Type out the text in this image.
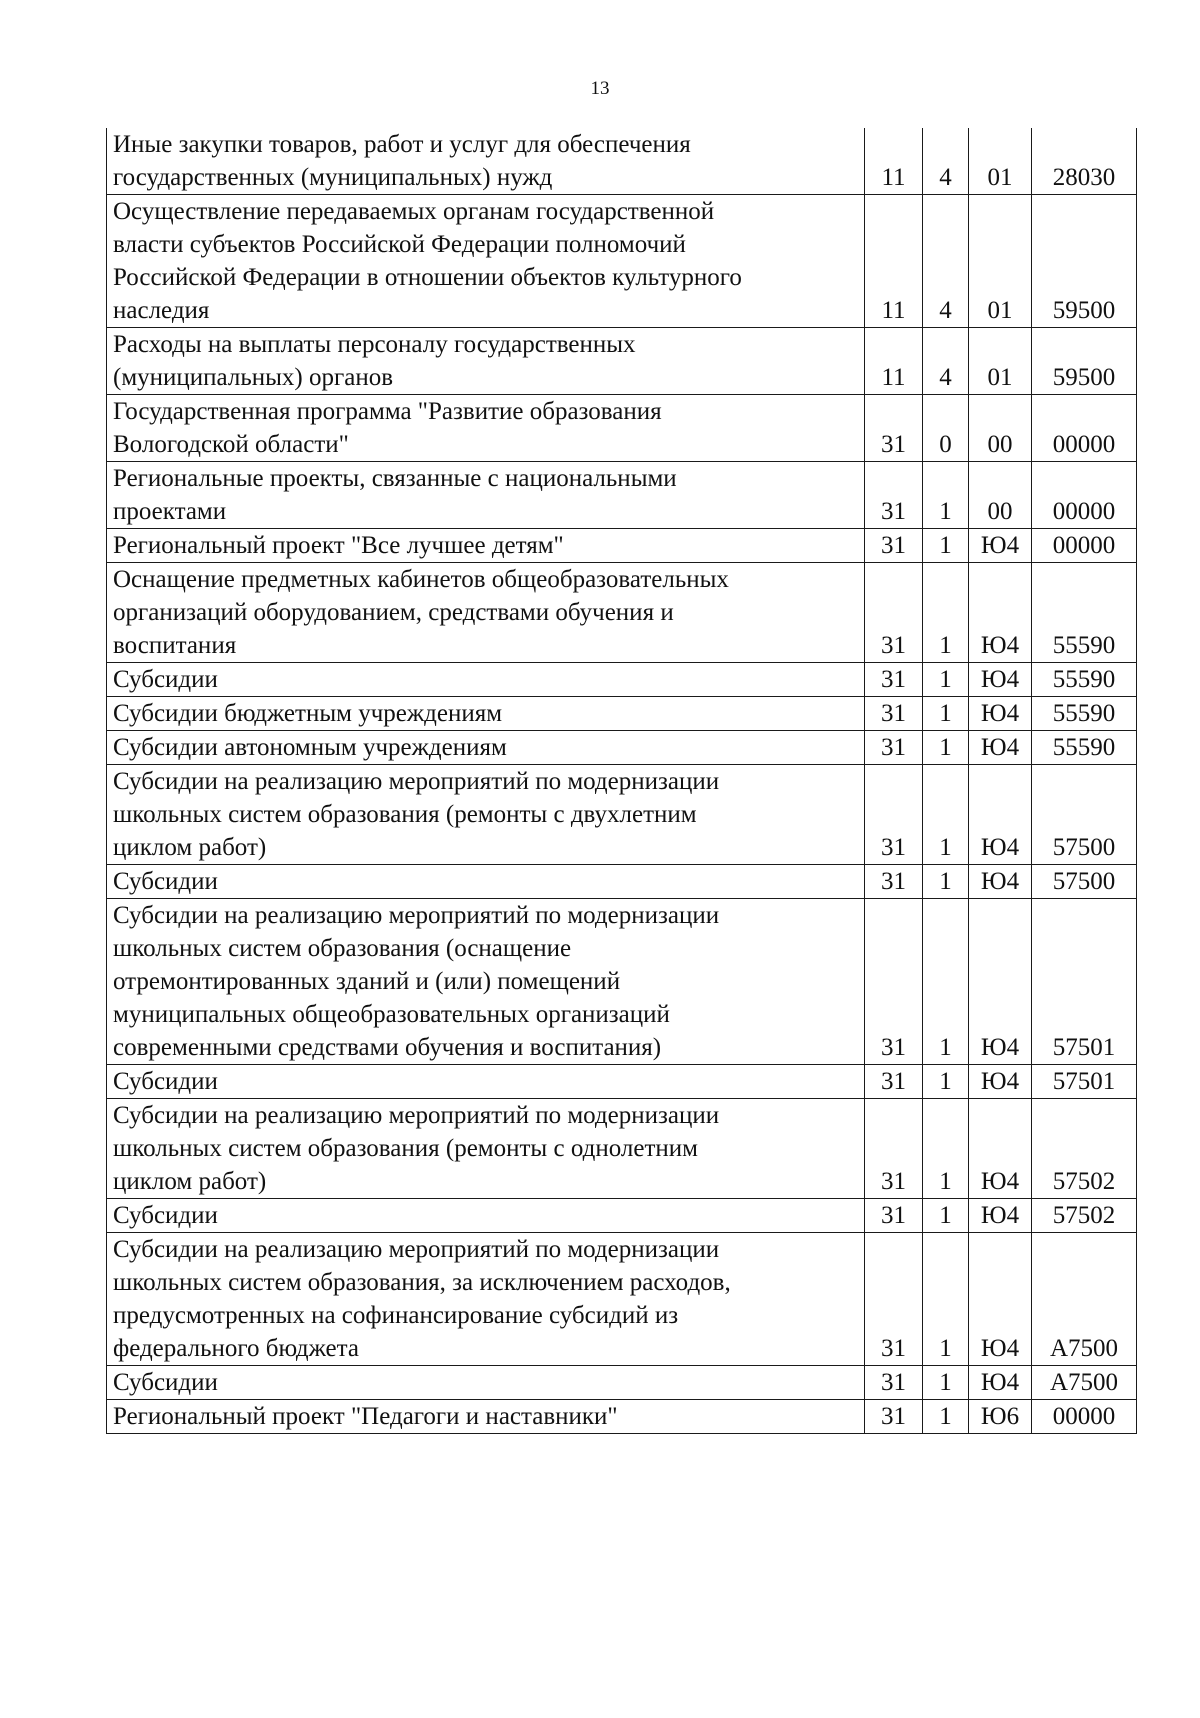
13
Иные закупки товаров, работ и услуг для обеспечения
государственных (муниципальных) нужд	11	4	01	28030
Осуществление передаваемых органам государственной
власти субъектов Российской Федерации полномочий
Российской Федерации в отношении объектов культурного
наследия	11	4	01	59500
Расходы на выплаты персоналу государственных
(муниципальных) органов	11	4	01	59500
Государственная программа "Развитие образования
Вологодской области"	31	0	00	00000
Региональные проекты, связанные с национальными
проектами	31	1	00	00000
Региональный проект "Все лучшее детям"	31	1	Ю4	00000
Оснащение предметных кабинетов общеобразовательных
организаций оборудованием, средствами обучения и
воспитания	31	1	Ю4	55590
Субсидии	31	1	Ю4	55590
Субсидии бюджетным учреждениям	31	1	Ю4	55590
Субсидии автономным учреждениям	31	1	Ю4	55590
Субсидии на реализацию мероприятий по модернизации
школьных систем образования (ремонты с двухлетним
циклом работ)	31	1	Ю4	57500
Субсидии	31	1	Ю4	57500
Субсидии на реализацию мероприятий по модернизации
школьных систем образования (оснащение
отремонтированных зданий и (или) помещений
муниципальных общеобразовательных организаций
современными средствами обучения и воспитания)	31	1	Ю4	57501
Субсидии	31	1	Ю4	57501
Субсидии на реализацию мероприятий по модернизации
школьных систем образования (ремонты с однолетним
циклом работ)	31	1	Ю4	57502
Субсидии	31	1	Ю4	57502
Субсидии на реализацию мероприятий по модернизации
школьных систем образования, за исключением расходов,
предусмотренных на софинансирование субсидий из
федерального бюджета	31	1	Ю4	A7500
Субсидии	31	1	Ю4	A7500
Региональный проект "Педагоги и наставники"	31	1	Ю6	00000
